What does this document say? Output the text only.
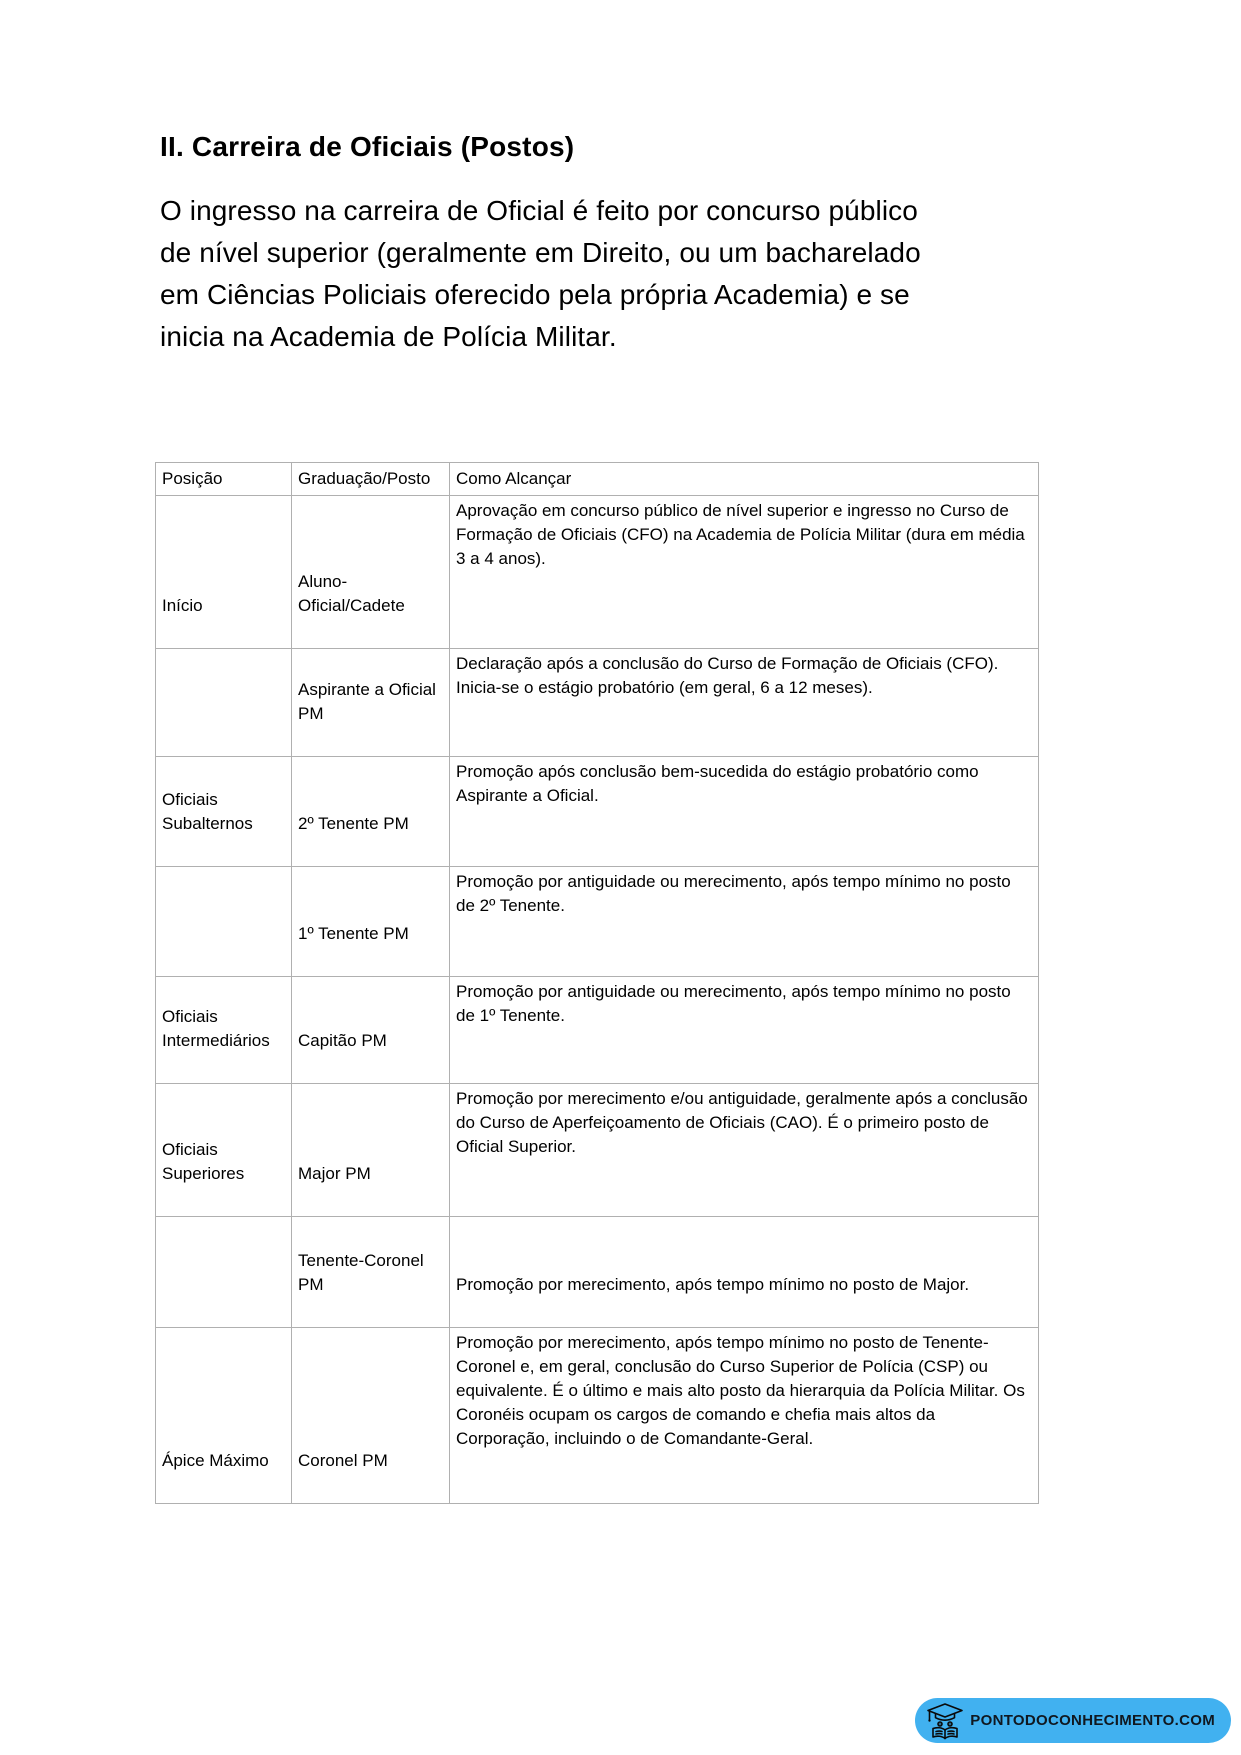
II. Carreira de Oficiais (Postos)

O ingresso na carreira de Oficial é feito por concurso público de nível superior (geralmente em Direito, ou um bacharelado em Ciências Policiais oferecido pela própria Academia) e se inicia na Academia de Polícia Militar.

Posição	Graduação/Posto	Como Alcançar
Início	Aluno-Oficial/Cadete	Aprovação em concurso público de nível superior e ingresso no Curso de Formação de Oficiais (CFO) na Academia de Polícia Militar (dura em média 3 a 4 anos).
	Aspirante a Oficial PM	Declaração após a conclusão do Curso de Formação de Oficiais (CFO). Inicia-se o estágio probatório (em geral, 6 a 12 meses).
Oficiais Subalternos	2º Tenente PM	Promoção após conclusão bem-sucedida do estágio probatório como Aspirante a Oficial.
	1º Tenente PM	Promoção por antiguidade ou merecimento, após tempo mínimo no posto de 2º Tenente.
Oficiais Intermediários	Capitão PM	Promoção por antiguidade ou merecimento, após tempo mínimo no posto de 1º Tenente.
Oficiais Superiores	Major PM	Promoção por merecimento e/ou antiguidade, geralmente após a conclusão do Curso de Aperfeiçoamento de Oficiais (CAO). É o primeiro posto de Oficial Superior.
	Tenente-Coronel PM	Promoção por merecimento, após tempo mínimo no posto de Major.
Ápice Máximo	Coronel PM	Promoção por merecimento, após tempo mínimo no posto de Tenente-Coronel e, em geral, conclusão do Curso Superior de Polícia (CSP) ou equivalente. É o último e mais alto posto da hierarquia da Polícia Militar. Os Coronéis ocupam os cargos de comando e chefia mais altos da Corporação, incluindo o de Comandante-Geral.
PONTODOCONHECIMENTO.COM
